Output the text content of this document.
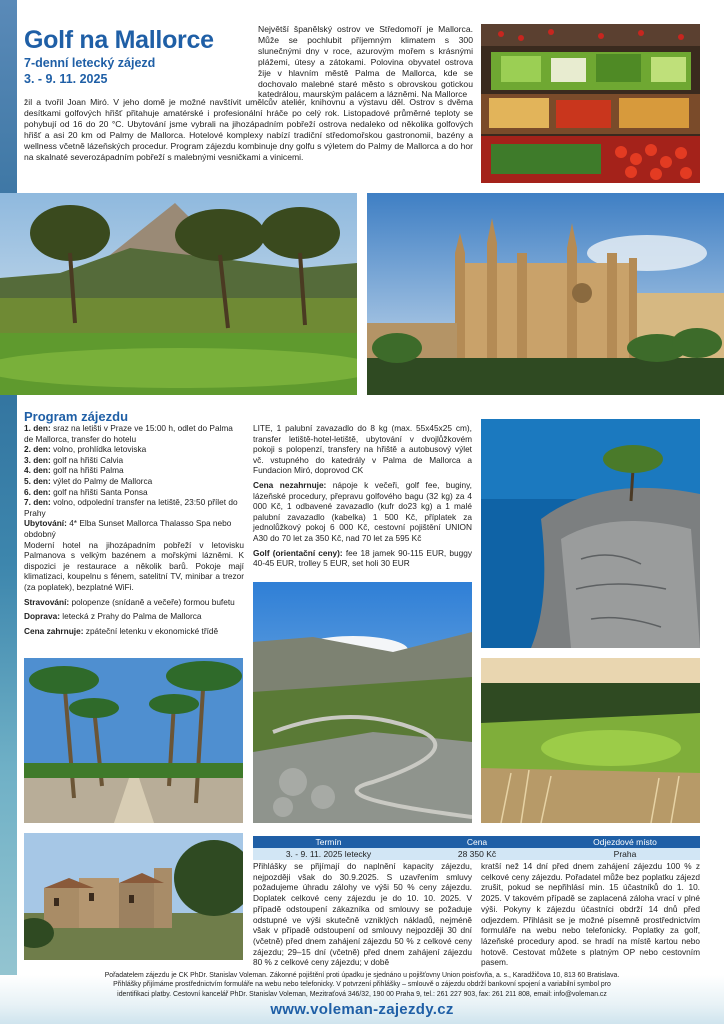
Golf na Mallorce
7-denní letecký zájezd
3. - 9. 11. 2025
Největší španělský ostrov ve Středomoří je Mallorca. Může se pochlubit příjemným klimatem s 300 slunečnými dny v roce, azurovým mořem s krásnými plážemi, útesy a zátokami. Polovina obyvatel ostrova žije v hlavním městě Palma de Mallorca, kde se dochovalo malebné staré město s obrovskou gotickou katedrálou, maurským palácem a lázněmi. Na Mallorce
žil a tvořil Joan Miró. V jeho domě je možné navštívit umělcův ateliér, knihovnu a výstavu děl. Ostrov s dvěma desítkami golfových hřišť přitahuje amatérské i profesionální hráče po celý rok. Listopadové průměrné teploty se pohybují od 16 do 20 °C. Ubytování jsme vybrali na jihozápadním pobřeží ostrova nedaleko od několika golfových hřišť a asi 20 km od Palmy de Mallorca. Hotelové komplexy nabízí tradiční středomořskou gastronomii, bazény a wellness včetně lázeňských procedur. Program zájezdu kombinuje dny golfu s výletem do Palmy de Mallorca a do hor na skalnaté severozápadním pobřeží s malebnými vesničkami a vinicemi.
Program zájezdu
1. den: sraz na letišti v Praze ve 15:00 h, odlet do Palma de Mallorca, transfer do hotelu
2. den: volno, prohlídka letoviska
3. den: golf na hřišti Calvia
4. den: golf na hřišti Palma
5. den: výlet do Palmy de Mallorca
6. den: golf na hřišti Santa Ponsa
7. den: volno, odpolední transfer na letiště, 23:50 přílet do Prahy
Ubytování: 4* Elba Sunset Mallorca Thalasso Spa nebo obdobný
Moderní hotel na jihozápadním pobřeží v letovisku Palmanova s velkým bazénem a mořskými lázněmi. K dispozici je restaurace a několik barů. Pokoje mají klimatizaci, koupelnu s fénem, satelitní TV, minibar a trezor (za poplatek), bezplatné WiFi.
Stravování: polopenze (snídaně a večeře) formou bufetu
Doprava: letecká z Prahy do Palma de Mallorca
Cena zahrnuje: zpáteční letenku v ekonomické třídě
LITE, 1 palubní zavazadlo do 8 kg (max. 55x45x25 cm), transfer letiště-hotel-letiště, ubytování v dvojlůžkovém pokoji s polopenzí, transfery na hřiště a autobusový výlet vč. vstupného do katedrály v Palma de Mallorca a Fundacion Miró, doprovod CK
Cena nezahrnuje: nápoje k večeři, golf fee, buginy, lázeňské procedury, přepravu golfového bagu (32 kg) za 4 000 Kč, 1 odbavené zavazadlo (kufr do23 kg) a 1 malé palubní zavazadlo (kabelka) 1 500 Kč, příplatek za jednolůžkový pokoj 6 000 Kč, cestovní pojištění UNION A30 do 70 let za 350 Kč, nad 70 let za 595 Kč
Golf (orientační ceny): fee 18 jamek 90-115 EUR, buggy 40-45 EUR, trolley 5 EUR, set holi 30 EUR
Termín	Cena	Odjezdové místo
3. - 9. 11. 2025 letecky	28 350 Kč	Praha
Přihlášky se přijímají do naplnění kapacity zájezdu, nejpozději však do 30.9.2025. S uzavřením smluvy požadujeme úhradu zálohy ve výši 50 % ceny zájezdu. Doplatek celkové ceny zájezdu je do 10. 10. 2025. V případě odstoupení zákazníka od smlouvy se požaduje odstupné ve výši skutečně vzniklých nákladů, nejméně však v případě odstoupení od smlouvy nejpozději 30 dní (včetně) před dnem zahájení zájezdu 50 % z celkové ceny zájezdu; 29–15 dní (včetně) před dnem zahájení zájezdu 80 % z celkové ceny zájezdu; v době
kratší než 14 dní před dnem zahájení zájezdu 100 % z celkové ceny zájezdu. Pořadatel může bez poplatku zájezd zrušit, pokud se nepřihlásí min. 15 účastníků do 1. 10. 2025. V takovém případě se zaplacená záloha vrací v plné výši. Pokyny k zájezdu účastníci obdrží 14 dnů před odjezdem. Přihlásit se je možné písemně prostřednictvím formuláře na webu nebo telefonicky. Poplatky za golf, lázeňské procedury apod. se hradí na místě kartou nebo hotově. Cestovat můžete s platným OP nebo cestovním pasem.
Pořadatelem zájezdu je CK PhDr. Stanislav Voleman. Zákonné pojištění proti úpadku je sjednáno u pojišťovny Union poisťovňa, a. s., Karadžičova 10, 813 60 Bratislava.
Přihlášky přijímáme prostřednictvím formuláře na webu nebo telefonicky. V potvrzení přihlášky – smlouvě o zájezdu obdrží bankovní spojení a variabilní symbol pro
identifikaci platby. Cestovní kancelář PhDr. Stanislav Voleman, Mezitraťová 346/32, 190 00 Praha 9, tel.: 261 227 903, fax: 261 211 808, email: info@voleman.cz
www.voleman-zajezdy.cz
